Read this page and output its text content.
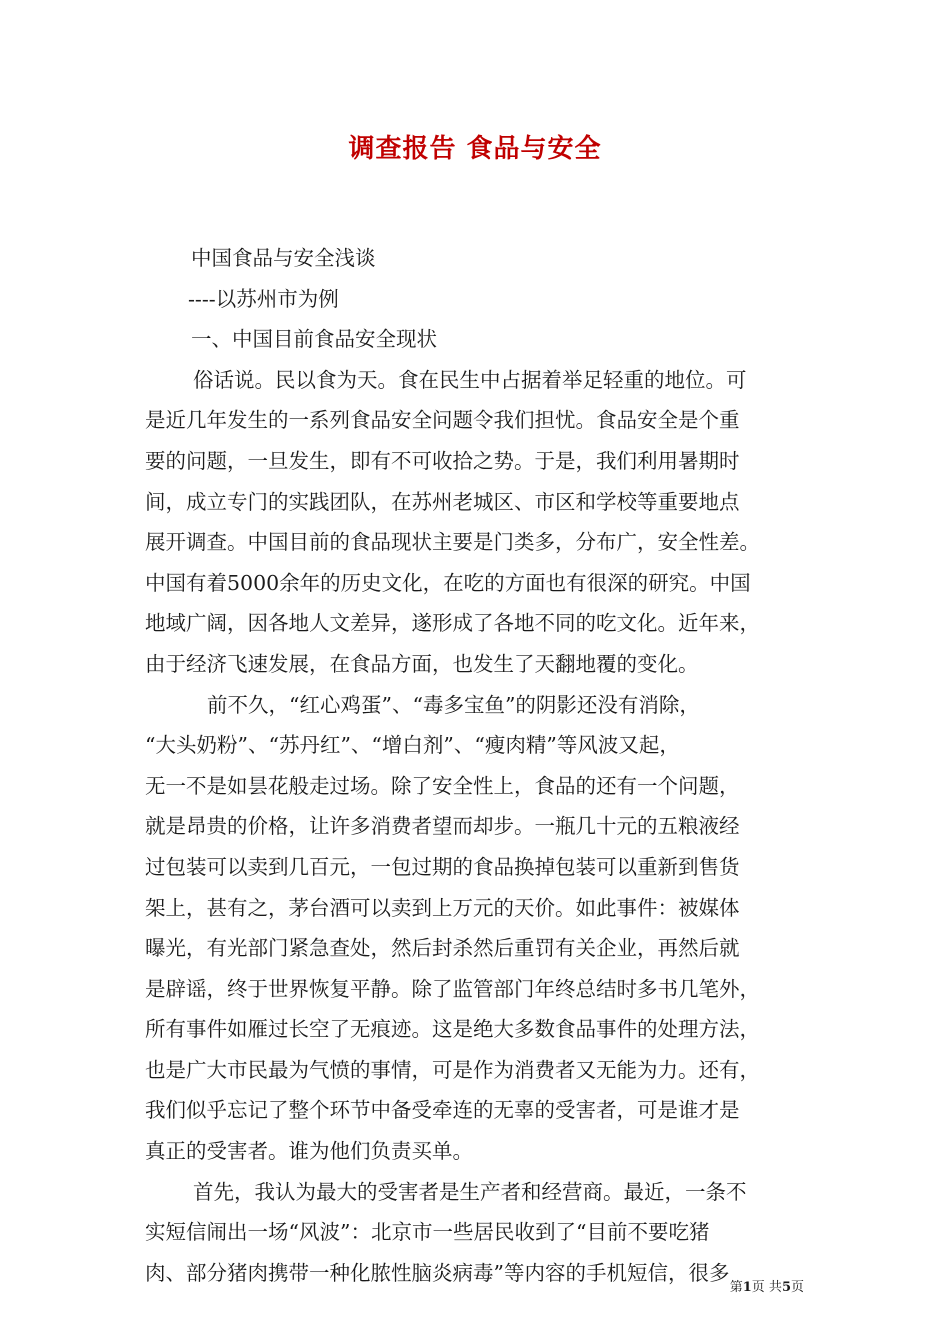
调查报告 食品与安全
中国食品与安全浅谈
----以苏州市为例
一、中国目前食品安全现状
俗话说。民以食为天。食在民生中占据着举足轻重的地位。可
是近几年发生的一系列食品安全问题令我们担忧。食品安全是个重
要的问题，一旦发生，即有不可收拾之势。于是，我们利用暑期时
间，成立专门的实践团队，在苏州老城区、市区和学校等重要地点
展开调查。中国目前的食品现状主要是门类多，分布广，安全性差。
中国有着5000余年的历史文化，在吃的方面也有很深的研究。中国
地域广阔，因各地人文差异，遂形成了各地不同的吃文化。近年来，
由于经济飞速发展，在食品方面，也发生了天翻地覆的变化。
前不久，“红心鸡蛋”、“毒多宝鱼”的阴影还没有消除，
“大头奶粉”、“苏丹红”、“增白剂”、“瘦肉精”等风波又起，
无一不是如昙花般走过场。除了安全性上，食品的还有一个问题，
就是昂贵的价格，让许多消费者望而却步。一瓶几十元的五粮液经
过包装可以卖到几百元，一包过期的食品换掉包装可以重新到售货
架上，甚有之，茅台酒可以卖到上万元的天价。如此事件：被媒体
曝光，有光部门紧急查处，然后封杀然后重罚有关企业，再然后就
是辟谣，终于世界恢复平静。除了监管部门年终总结时多书几笔外，
所有事件如雁过长空了无痕迹。这是绝大多数食品事件的处理方法，
也是广大市民最为气愤的事情，可是作为消费者又无能为力。还有，
我们似乎忘记了整个环节中备受牵连的无辜的受害者，可是谁才是
真正的受害者。谁为他们负责买单。
首先，我认为最大的受害者是生产者和经营商。最近，一条不
实短信闹出一场“风波”：北京市一些居民收到了“目前不要吃猪
肉、部分猪肉携带一种化脓性脑炎病毒”等内容的手机短信，很多
第1页 共5页
